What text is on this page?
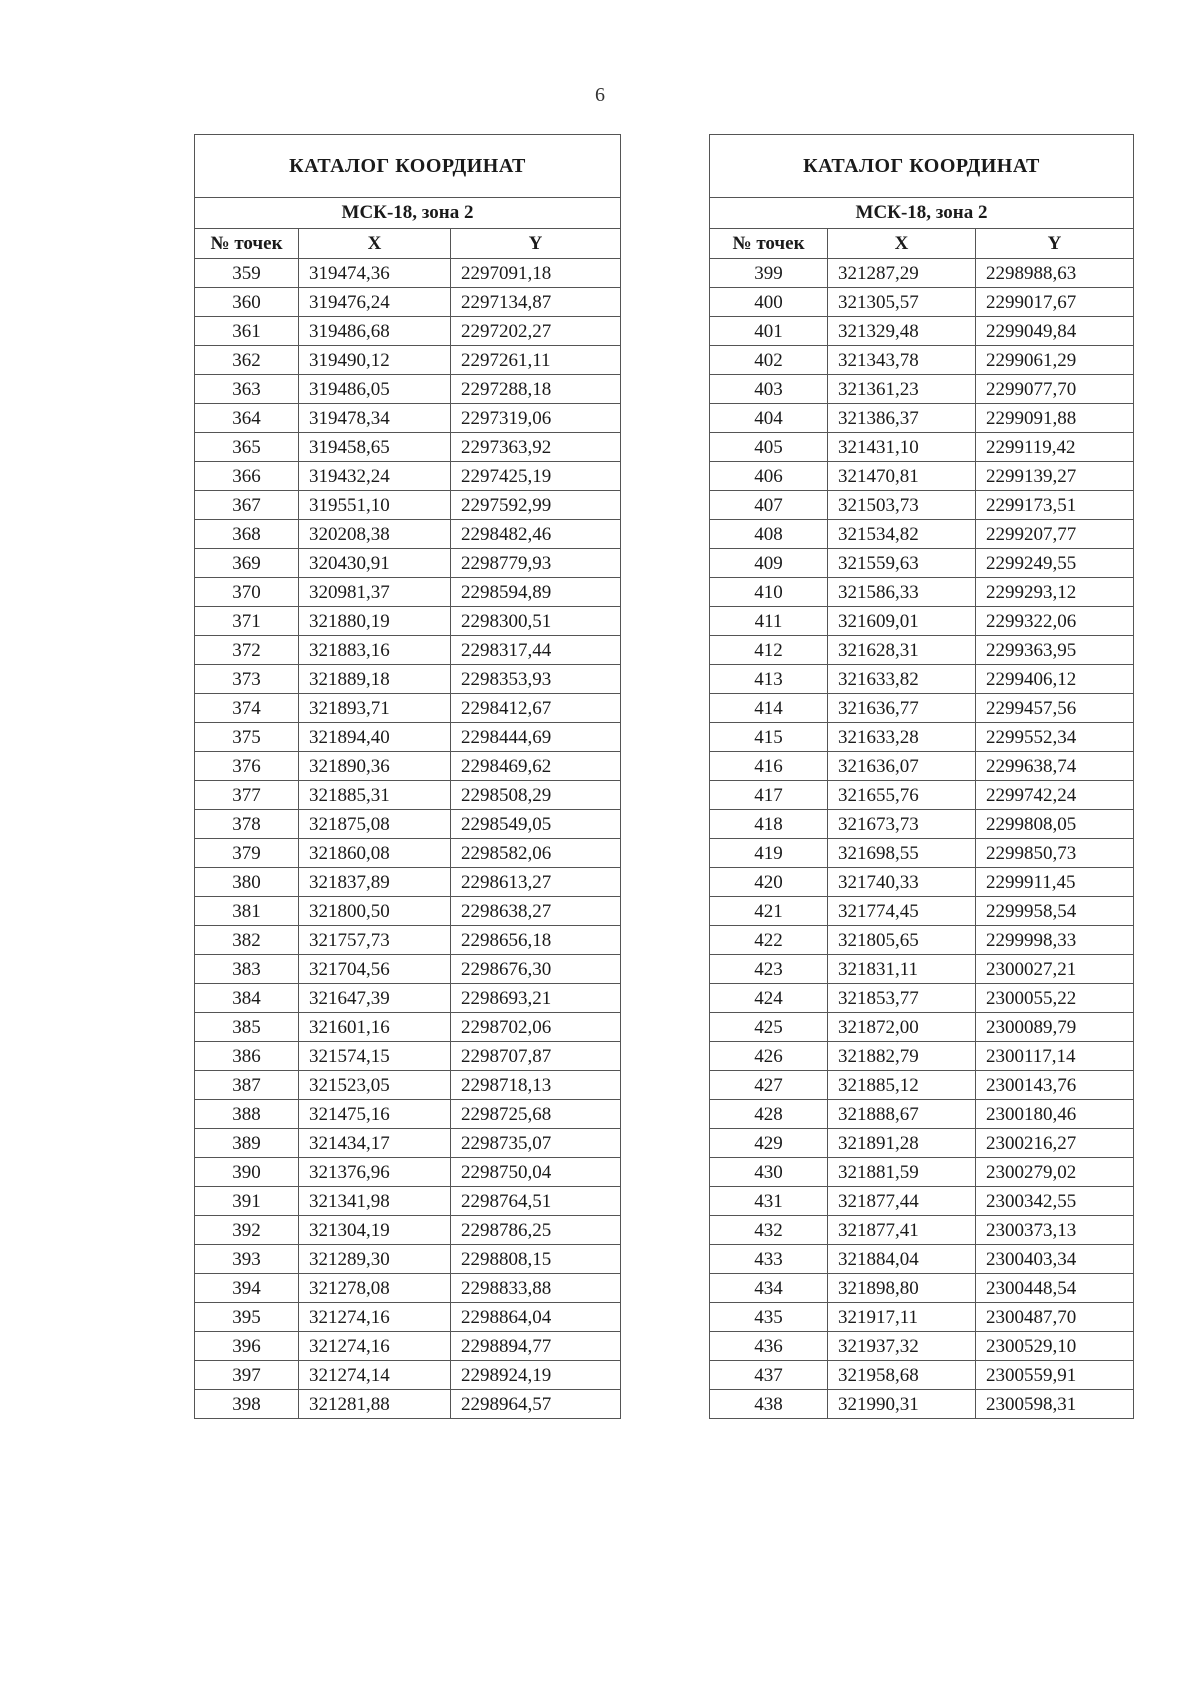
6
КАТАЛОГ КООРДИНАТ		
МСК-18, зона 2		
№ точек	X	Y
359	319474,36	2297091,18
360	319476,24	2297134,87
361	319486,68	2297202,27
362	319490,12	2297261,11
363	319486,05	2297288,18
364	319478,34	2297319,06
365	319458,65	2297363,92
366	319432,24	2297425,19
367	319551,10	2297592,99
368	320208,38	2298482,46
369	320430,91	2298779,93
370	320981,37	2298594,89
371	321880,19	2298300,51
372	321883,16	2298317,44
373	321889,18	2298353,93
374	321893,71	2298412,67
375	321894,40	2298444,69
376	321890,36	2298469,62
377	321885,31	2298508,29
378	321875,08	2298549,05
379	321860,08	2298582,06
380	321837,89	2298613,27
381	321800,50	2298638,27
382	321757,73	2298656,18
383	321704,56	2298676,30
384	321647,39	2298693,21
385	321601,16	2298702,06
386	321574,15	2298707,87
387	321523,05	2298718,13
388	321475,16	2298725,68
389	321434,17	2298735,07
390	321376,96	2298750,04
391	321341,98	2298764,51
392	321304,19	2298786,25
393	321289,30	2298808,15
394	321278,08	2298833,88
395	321274,16	2298864,04
396	321274,16	2298894,77
397	321274,14	2298924,19
398	321281,88	2298964,57
КАТАЛОГ КООРДИНАТ		
МСК-18, зона 2		
№ точек	X	Y
399	321287,29	2298988,63
400	321305,57	2299017,67
401	321329,48	2299049,84
402	321343,78	2299061,29
403	321361,23	2299077,70
404	321386,37	2299091,88
405	321431,10	2299119,42
406	321470,81	2299139,27
407	321503,73	2299173,51
408	321534,82	2299207,77
409	321559,63	2299249,55
410	321586,33	2299293,12
411	321609,01	2299322,06
412	321628,31	2299363,95
413	321633,82	2299406,12
414	321636,77	2299457,56
415	321633,28	2299552,34
416	321636,07	2299638,74
417	321655,76	2299742,24
418	321673,73	2299808,05
419	321698,55	2299850,73
420	321740,33	2299911,45
421	321774,45	2299958,54
422	321805,65	2299998,33
423	321831,11	2300027,21
424	321853,77	2300055,22
425	321872,00	2300089,79
426	321882,79	2300117,14
427	321885,12	2300143,76
428	321888,67	2300180,46
429	321891,28	2300216,27
430	321881,59	2300279,02
431	321877,44	2300342,55
432	321877,41	2300373,13
433	321884,04	2300403,34
434	321898,80	2300448,54
435	321917,11	2300487,70
436	321937,32	2300529,10
437	321958,68	2300559,91
438	321990,31	2300598,31
